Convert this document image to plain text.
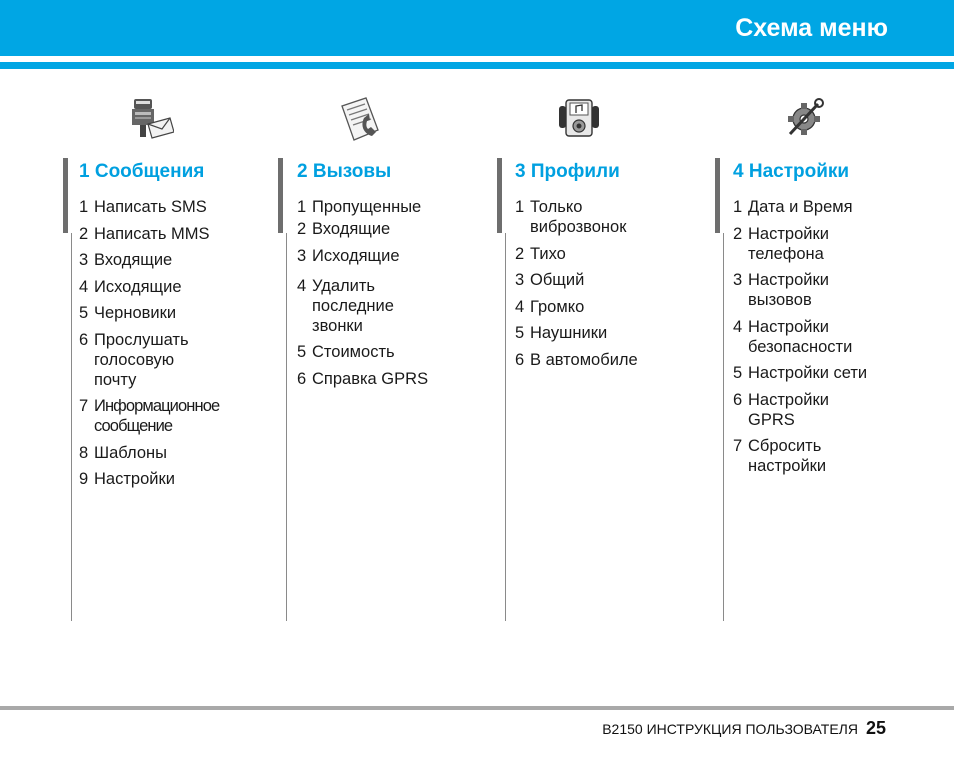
Схема меню
1 Сообщения
1 Написать SMS
2 Написать MMS
3 Входящие
4 Исходящие
5 Черновики
6 Прослушать голосовую почту
7 Информационное сообщение
8 Шаблоны
9 Настройки
2 Вызовы
1 Пропущенные
2 Входящие
3 Исходящие
4 Удалить последние звонки
5 Стоимость
6 Справка GPRS
3 Профили
1 Только виброзвонок
2 Тихо
3 Общий
4 Громко
5 Наушники
6 В автомобиле
4 Настройки
1 Дата и Время
2 Настройки телефона
3 Настройки вызовов
4 Настройки безопасности
5 Настройки сети
6 Настройки GPRS
7 Сбросить настройки
B2150 ИНСТРУКЦИЯ ПОЛЬЗОВАТЕЛЯ 25
